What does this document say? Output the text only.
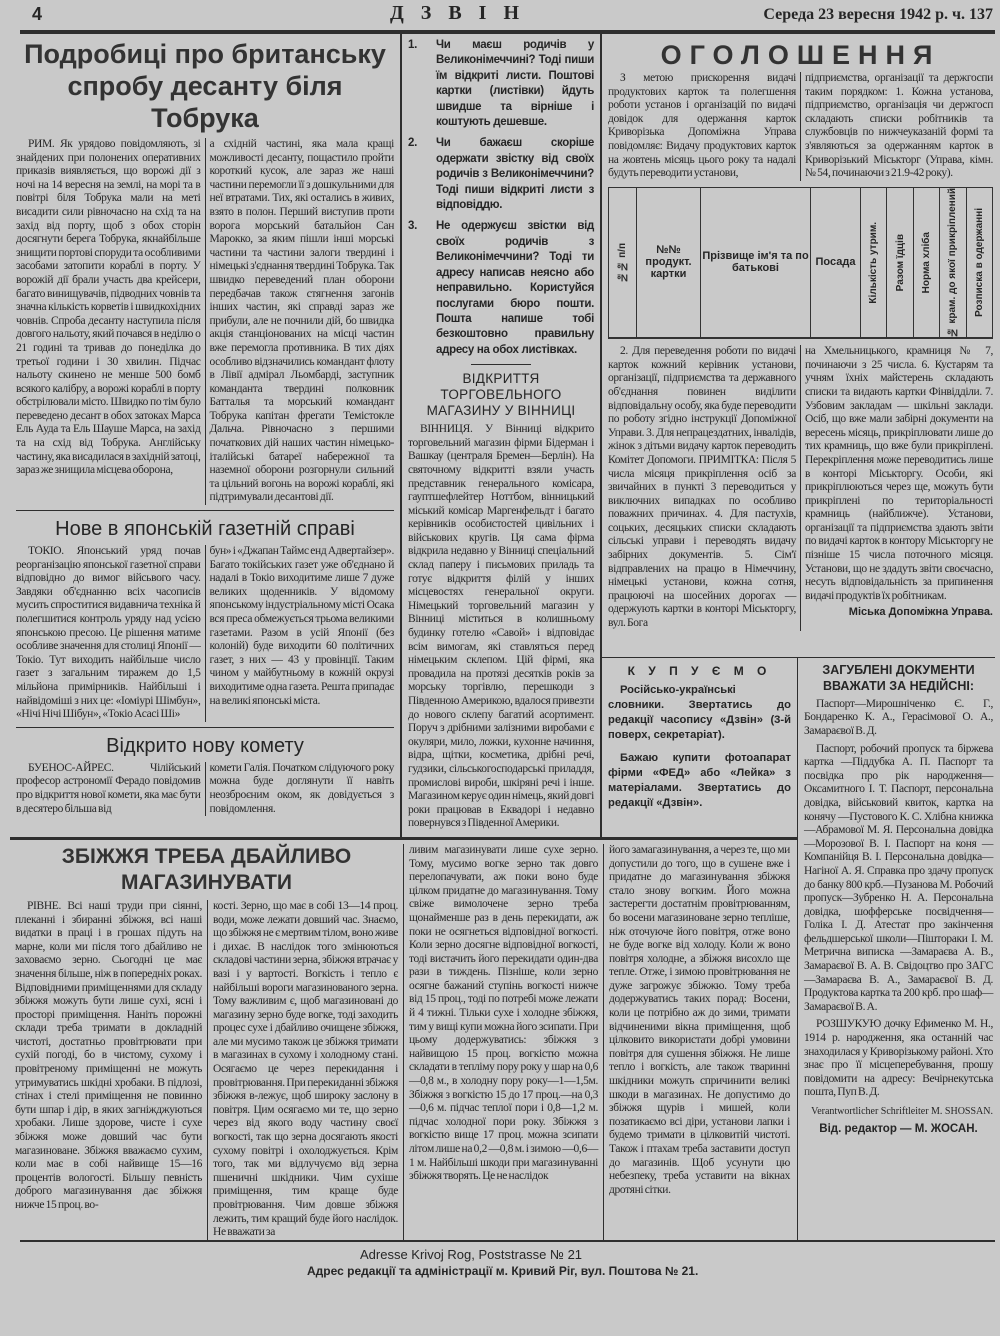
4	Д З В І Н	Середа 23 вересня 1942 р. ч. 137
Подробиці про британську спробу десанту біля Тобрука

РИМ. Як урядово повідомляють, зі знайдених при полонених оперативних приказів виявляється, що ворожі дії з ночі на 14 вересня на землі, на морі та в повітрі біля Тобрука мали на меті висадити сили рівночасно на схід та на захід від порту, щоб з обох сторін досягнути берега Тобрука, якнайбільше знищити портові споруди та особливими засобами затопити кораблі в порту. У ворожій дії брали участь два крейсери, багато винищувачів, підводних човнів та значна кількість корветів і швидкохідних човнів. Спроба десанту наступила після довгого нальоту, який почався в неділю о 21 годині та тривав до понеділка до третьої години і 30 хвилин. Підчас нальоту скинено не менше 500 бомб всякого калібру, а ворожі кораблі в порту обстрілювали місто. Швидко по тім було переведено десант в обох затоках Марса Ель Ауда та Ель Шауше Марса, на захід та на схід від Тобрука. Англійську частину, яка висадилася в західній затоці, зараз же знищила місцева оборона,

а східній частині, яка мала кращі можливості десанту, пощастило пройти короткий кусок, але зараз же наші частини перемогли її з дошкульними для неї втратами. Тих, які остались в живих, взято в полон. Перший виступив проти ворога морський батальйон Сан Марокко, за яким пішли інші морські частини та частини залоги твердині і німецькі з'єднання твердині Тобрука. Так швидко переведений план оборони передбачав також стягнення загонів інших частин, які справді зараз же прибули, але не почнили дій, бо швидка акція станціонованих на місці частин вже перемогла противника. В тих діях особливо відзначились командант флоту в Лівії адмірал Льомбарді, заступник команданта твердині полковник Батталья та морський командант Тобрука капітан фрегати Темістокле Дальча. Рівночасно з першими початкових дій наших частин німецько-італійські батареї набережної та наземної оборони розгорнули сильний та цільний вогонь на ворожі кораблі, які підтримували десантові дії.

Нове в японській газетній справі

ТОКІО. Японський уряд почав реорганізацію японської газетної справи відповідно до вимог війсьвого часу. Завдяки об'єднанню всіх часописів мусить спроститися видавнича техніка й полегшитися контроль уряду над усією японською пресою. Це рішення матиме особливе значення для столиці Японії — Токіо. Тут виходить найбільше число газет з загальним тиражем до 1,5 мільйона примірників. Найбільші і найвідоміші з них це: «Іоміурі Шімбун», «Нічі Нічі Шібун», «Токіо Асасі Ші»

бун» і «Джапан Таймс енд Адвертайзер». Багато токійських газет уже об'єднано й надалі в Токіо виходитиме лише 7 дуже великих щоденників. У відомому японському індустріальному місті Осака вся преса обмежується трьома великими газетами. Разом в усій Японії (без колоній) буде виходити 60 політичних газет, з них — 43 у провінції. Таким чином у майбутньому в кожній окрузі виходитиме одна газета. Решта припадає на великі японські міста.

Відкрито нову комету

БУЕНОС-АЙРЕС. Чілійський професор астрономії Ферадо повідомив про відкриття нової комети, яка має бути в десятеро більша від

комети Галія. Початком слідуючого року можна буде доглянути її навіть неозброєним оком, як довідується з повідомлення.

1.	Чи маєш родичів у Великонімеччині? Тоді пиши їм відкриті листи. Поштові картки (листівки) йдуть швидше та вірніше і коштують дешевше.
2.	Чи бажаєш скоріше одержати звістку від своїх родичів з Великонімеччини? Тоді пиши відкриті листи з відповіддю.
3.	Не одержуєш звістки від своїх родичів з Великонімеччини? Тоді ти адресу написав неясно або неправильно. Користуйся послугами бюро пошти. Пошта напише тобі безкоштовно правильну адресу на обох листівках.
ВІДКРИТТЯ ТОРГОВЕЛЬНОГО МАГАЗИНУ У ВІННИЦІ

ВІННИЦЯ. У Вінниці відкрито торговельний магазин фірми Бідерман і Вашкау (централя Бремен—Берлін). На святочному відкритті взяли участь представник генерального комісара, гауптшефлейтер Ноттбом, вінницький міський комісар Маргенфельдт і багато керівників особистостей цивільних і військових кругів. Ця сама фірма відкрила недавно у Вінниці спеціальний склад паперу і письмових приладь та готує відкриття філій у інших місцевостях генеральної округи. Німецький торговельний магазин у Вінниці міститься в колишньому будинку готелю «Савой» і відповідає всім вимогам, які ставляться перед німецьким склепом. Цій фірмі, яка провадила на протязі десятків років за морську торгівлю, перешкоди з Південною Америкою, вдалося привезти до нового склепу багатий асортимент. Поруч з дрібними залізними виробами є окуляри, мило, ложки, кухонне начиння, відра, щітки, косметика, дрібні речі, гудзики, сільськогосподарські приладдя, промислові вироби, шкіряні речі і інше. Магазином керує один німець, який довгі роки працював в Еквадорі і недавно повернувся з Південної Америки.

ОГОЛОШЕННЯ

З метою прискорення видачі продуктових карток та полегшення роботи установ і організацій по видачі довідок для одержання карток Криворізька Допоміжна Управа повідомляє: Видачу продуктових карток на жовтень місяць цього року та надалі будуть переводити установи,

підприємства, організації та держгоспи таким порядком: 1. Кожна установа, підприємство, організація чи держгосп складають списки робітників та службовців по нижчеуказаній формі та з'являються за одержанням карток в Криворізький Міськторг (Управа, кімн. № 54, починаючи з 21.9-42 року).

№№ п/п	№№ продукт. картки	Прізвище ім'я та по батькові	Посада	Кількість утрим.	Разом їдців	Норма хліба	№ крам. до якої прикріплений	Розписка в одержанні

2. Для переведення роботи по видачі карток кожний керівник установи, організації, підприємства та державного об'єднання повинен виділити відповідальну особу, яка буде переводити по роботу згідно інструкції Допоміжної Управи. 3. Для непрацездатних, інвалідів, жінок з дітьми видачу карток переводить Комітет Допомоги. ПРИМІТКА: Після 5 числа місяця прикріплення осіб за звичайних в пункті 3 переводиться у виключних випадках по особливо поважних причинах. 4. Для пастухів, соцьких, десяцьких списки складають сільські управи і переводять видачу забірних документів. 5. Сім'ї відправлених на працю в Німеччину, німецькі установи, кожна сотня, працюючі на шосейних дорогах — одержують картки в конторі Міськторгу, вул. Бога

на Хмельницького, крамниця № 7, починаючи з 25 числа. 6. Кустарям та учням їхніх майстерень складають списки та видають картки Фінвідділи. 7. Узбовим закладам — шкільні заклади. Осіб, що вже мали забірні документи на вересень місяць, прикріплювати лише до тих крамниць, що вже були прикріплені. Перекріплення може переводитись лише в конторі Міськторгу. Особи, які прикріплюються через ще, можуть бути прикріплені по територіальності крамниць (найближче). Установи, організації та підприємства здають звіти по видачі карток в контору Міськторгу не пізніше 15 числа поточного місяця. Установи, що не здадуть звіти своєчасно, несуть відповідальність за припинення видачі продуктів їх робітникам.

Міська Допоміжна Управа.
К У П У Є М О

Російсько-українські словники. Звертатись до редакції часопису «Дзвін» (3-й поверх, секретаріат).

Бажаю купити фотоапарат фірми «ФЕД» або «Лейка» з матеріалами. Звертатись до редакції «Дзвін».

ЗАГУБЛЕНІ ДОКУМЕНТИ ВВАЖАТИ ЗА НЕДІЙСНІ:

Паспорт—Мирошніченко Є. Г., Бондаренко К. А., Герасімової О. А., Замараєвої В. Д.

Паспорт, робочий пропуск та біржева картка —Піддубка А. П. Паспорт та посвідка про рік народження—Оксамитного І. Т. Паспорт, персональна довідка, військовий квиток, картка на конячу —Пустового К. С. Хлібна книжка —Абрамової М. Я. Персональна довідка—Морозової В. І. Паспорт на коня —Компанійця В. І. Персональна довідка—Нагіної А. Я. Справка про здачу пропуск до банку 800 крб.—Пузанова М. Робочий пропуск—Зубренко Н. А. Персональна довідка, шофферське посвідчення—Голіка І. Д. Атестат про закінчення фельдшерської школи—Піштораки І. М. Метрична виписка —Замараєва А. В., Замараєвої В. А. В. Свідоцтво про ЗАГС —Замараєва В. А., Замараєвої В. Д. Продуктова картка та 200 крб. про шаф—Замараєвої В. А.

РОЗШУКУЮ дочку Ефименко М. Н., 1914 р. народження, яка останній час знаходилася у Криворізькому районі. Хто знає про її місцеперебування, прошу повідомити на адресу: Вечірнекутська пошта, Пуп В. Д.

Verantwortlicher Schriftleiter M. SHOSSAN.
Від. редактор — М. ЖОСАН.
ЗБІЖЖЯ ТРЕБА ДБАЙЛИВО МАГАЗИНУВАТИ

РІВНЕ. Всі наші труди при сіянні, плеканні і збиранні збіжжя, всі наші видатки в праці і в грошах підуть на марне, коли ми після того дбайливо не заховаємо зерно. Сьогодні це має значення більше, ніж в попередніх роках. Відповідними приміщеннями для складу збіжжя можуть бути лише сухі, ясні і просторі приміщення. Наніть порожні склади треба тримати в докладній чистоті, достатньо провітрювати при сухій погоді, бо в чистому, сухому і провітреному приміщенні не можуть утримуватись шкідні хробаки. В підлозі, стінах і стелі приміщення не повинно бути шпар і дір, в яких загніжджуються хробаки. Лише здорове, чисте і сухе збіжжя може довший час бути магазиноване. Збіжжя вважаємо сухим, коли має в собі найвище 15—16 процентів вологості. Більшу певність доброго магазинування дає збіжжя нижче 15 проц. во-

кості. Зерно, що має в собі 13—14 проц. води, може лежати довший час. Знаємо, що збіжжя не є мертвим тілом, воно живе і дихає. В наслідок того змінюються складові частини зерна, збіжжя втрачає у вазі і у вартості. Вогкість і тепло є найбільші вороги магазинованого зерна. Тому важливим є, щоб магазиновані до магазину зерно буде вогке, тоді заходить процес сухе і дбайливо очищене збіжжя, але ми мусимо також це збіжжя тримати в магазинах в сухому і холодному стані. Осягаємо це через перекидання і провітрювання. При перекиданні збіжжя збіжжя в-лежує, щоб широку заслону в повітря. Цим осягаємо ми те, що зерно через від якого воду частину своєї вогкості, так що зерна досягають якості сухому повітрі і охолоджується. Крім того, так ми відлучуємо від зерна пшеничні шкідники. Чим сухіше приміщення, тим краще буде провітрювання. Чим довше збіжжя лежить, тим кращий буде його наслідок. Не вважати за

ливим магазинувати лише сухе зерно. Тому, мусимо вогке зерно так довго перелопачувати, аж поки воно буде цілком придатне до магазинування. Тому свіже вимолочене зерно треба щонайменше раз в день перекидати, аж поки не осягнеться відповідної вогкості. Коли зерно досягне відповідної вогкості, тоді вистачить його перекидати один-два рази в тиждень. Пізніше, коли зерно осягне бажаний ступінь вогкості нижче від 15 проц., тоді по потребі може лежати й 4 тижні. Тільки сухе і холодне збіжжя, тим у вищі купи можна його зсипати. При цьому додержуватись: збіжжя з найвищою 15 проц. вогкістю можна складати в тепліму пору року у шар на 0,6—0,8 м., в холодну пору року—1—1,5м. Збіжжя з вогкістю 15 до 17 проц.—на 0,3—0,6 м. підчас теплої пори і 0,8—1,2 м. підчас холодної пори року. Збіжжя з вогкістю вище 17 проц. можна зсипати літом лише на 0,2 —0,8 м. і зимою —0,6—1 м. Найбільші шкоди при магазинуванні збіжжя творять. Це не наслідок

його замагазинування, а через те, що ми допустили до того, що в сушене вже і придатне до магазинування збіжжя стало знову вогким. Його можна застерегти достатнім провітрюванням, бо восени магазиноване зерно тепліше, ніж оточуюче його повітря, отже воно не буде вогке від холоду. Коли ж воно повітря холодне, а збіжжя висохло ще тепле. Отже, і зимою провітрювання не дуже загрожує збіжжю. Тому треба додержуватись таких порад: Восени, коли це потрібно аж до зими, тримати відчиненими вікна приміщення, щоб цілковито використати добрі умовини повітря для сушення збіжжя. Не лише тепло і вогкість, але також тваринні шкідники можуть спричинити великі шкоди в магазинах. Не допустимо до збіжжя щурів і мишей, коли позатикаємо всі діри, установи лапки і будемо тримати в цілковитій чистоті. Також і птахам треба заставити доступ до магазинів. Щоб усунути цю небезпеку, треба уставити на вікнах дротяні сітки.

Adresse Krivoj Rog, Poststrasse № 21
Адрес редакції та адміністрації м. Кривий Ріг, вул. Поштова № 21.
